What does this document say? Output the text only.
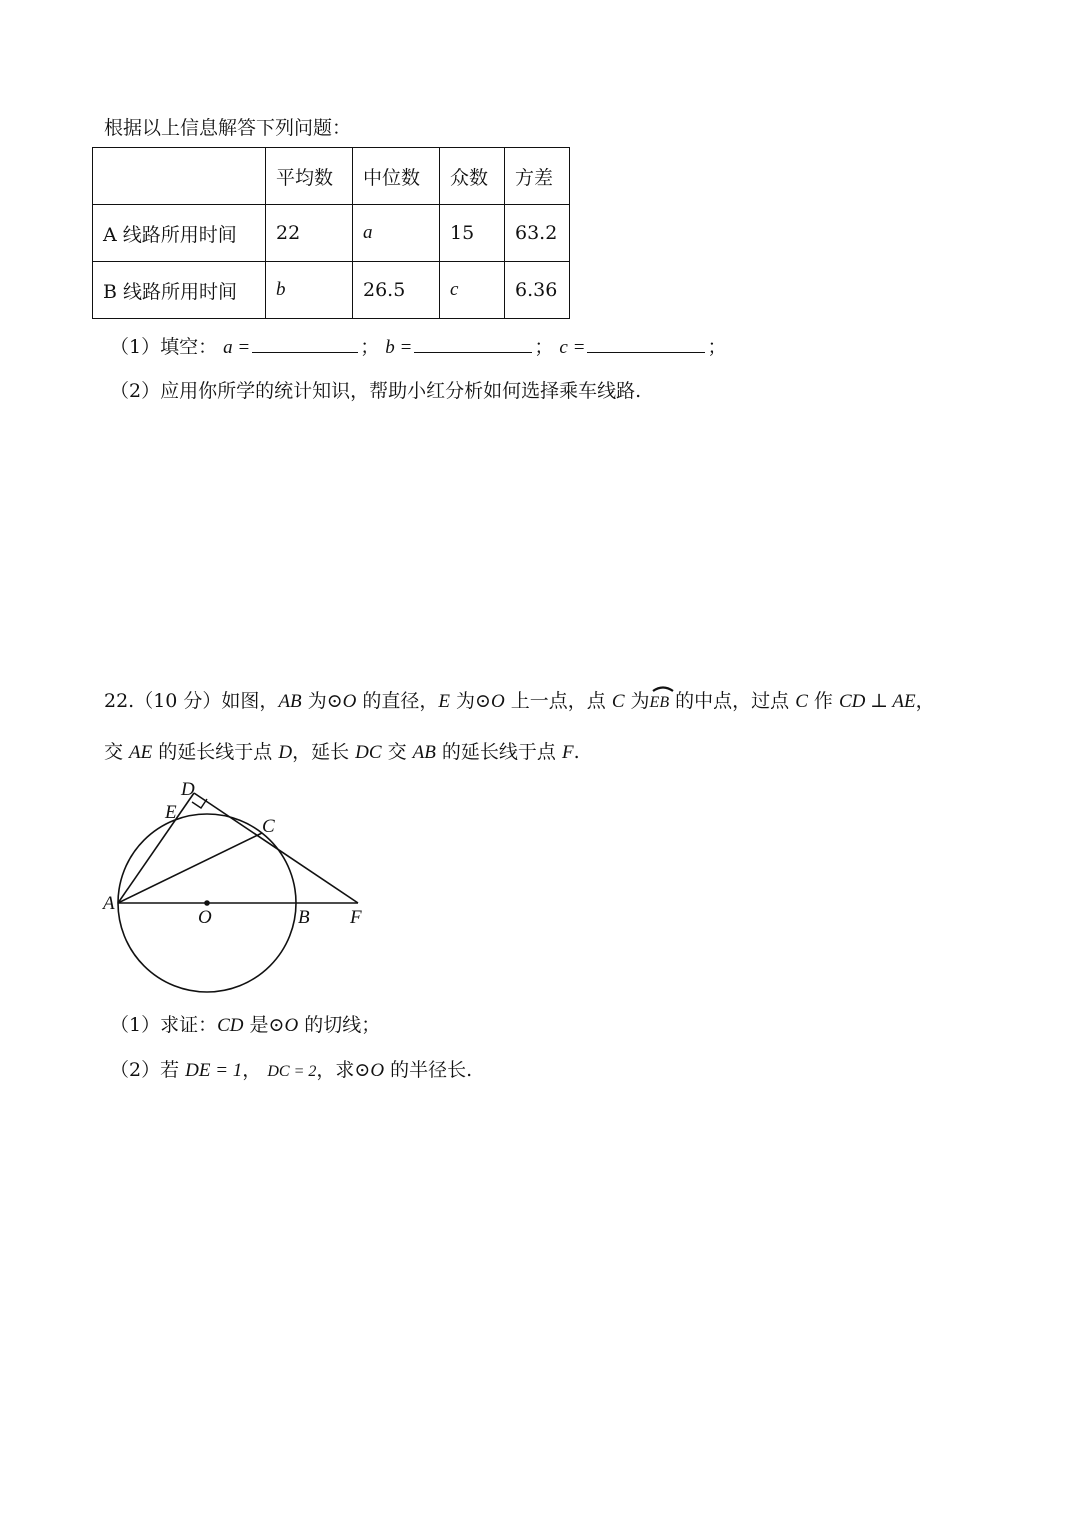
根据以上信息解答下列问题：
	平均数	中位数	众数	方差
A 线路所用时间	22	a	15	63.2
B 线路所用时间	b	26.5	c	6.36
（1）填空： a =	； b =	； c =	；
（2）应用你所学的统计知识，帮助小红分析如何选择乘车线路.
22.（10 分）如图，AB 为⊙O 的直径，E 为⊙O 上一点，点 C 为
EB 的中点，过点 C 作 CD ⊥ AE，
交 AE 的延长线于点 D，延长 DC 交 AB 的延长线于点 F.
D
E
C
A
O	B F
（1）求证：CD 是⊙O 的切线；
（2）若 DE = 1， DC = 2，求⊙O 的半径长.
